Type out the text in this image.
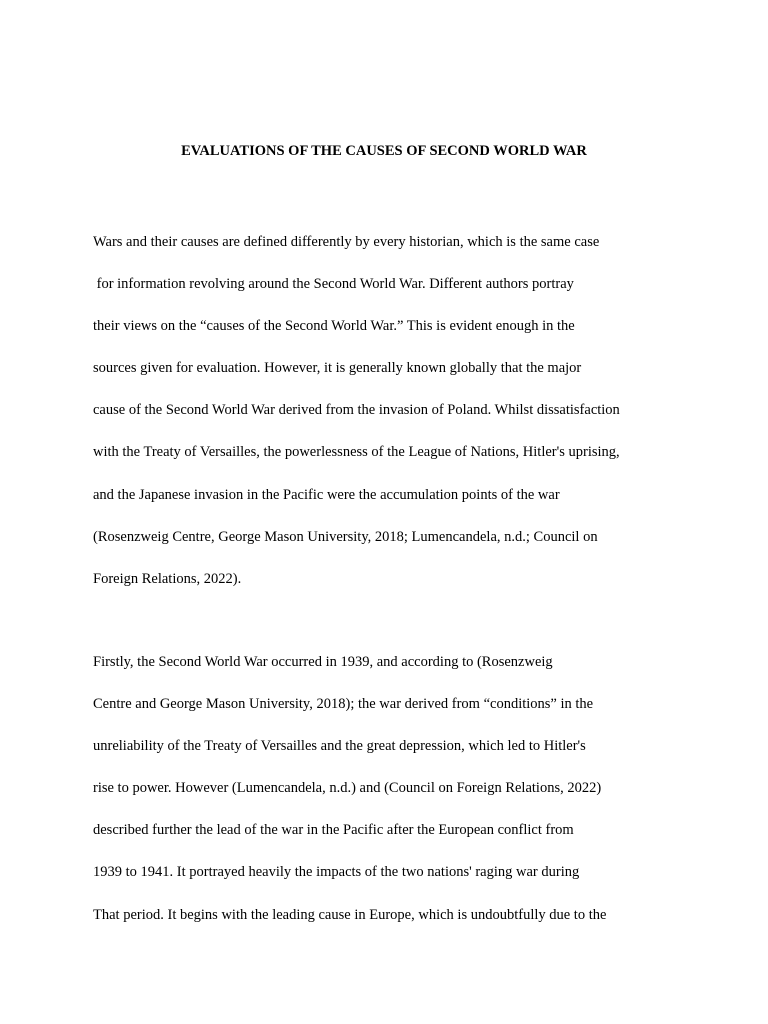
EVALUATIONS OF THE CAUSES OF SECOND WORLD WAR
Wars and their causes are defined differently by every historian, which is the same case
for information revolving around the Second World War. Different authors portray
their views on the “causes of the Second World War.” This is evident enough in the
sources given for evaluation. However, it is generally known globally that the major
cause of the Second World War derived from the invasion of Poland. Whilst dissatisfaction
with the Treaty of Versailles, the powerlessness of the League of Nations, Hitler's uprising,
and the Japanese invasion in the Pacific were the accumulation points of the war
(Rosenzweig Centre, George Mason University, 2018; Lumencandela, n.d.; Council on
Foreign Relations, 2022).
Firstly, the Second World War occurred in 1939, and according to (Rosenzweig
Centre and George Mason University, 2018); the war derived from “conditions” in the
unreliability of the Treaty of Versailles and the great depression, which led to Hitler's
rise to power. However (Lumencandela, n.d.) and (Council on Foreign Relations, 2022)
described further the lead of the war in the Pacific after the European conflict from
1939 to 1941. It portrayed heavily the impacts of the two nations' raging war during
That period. It begins with the leading cause in Europe, which is undoubtfully due to the
